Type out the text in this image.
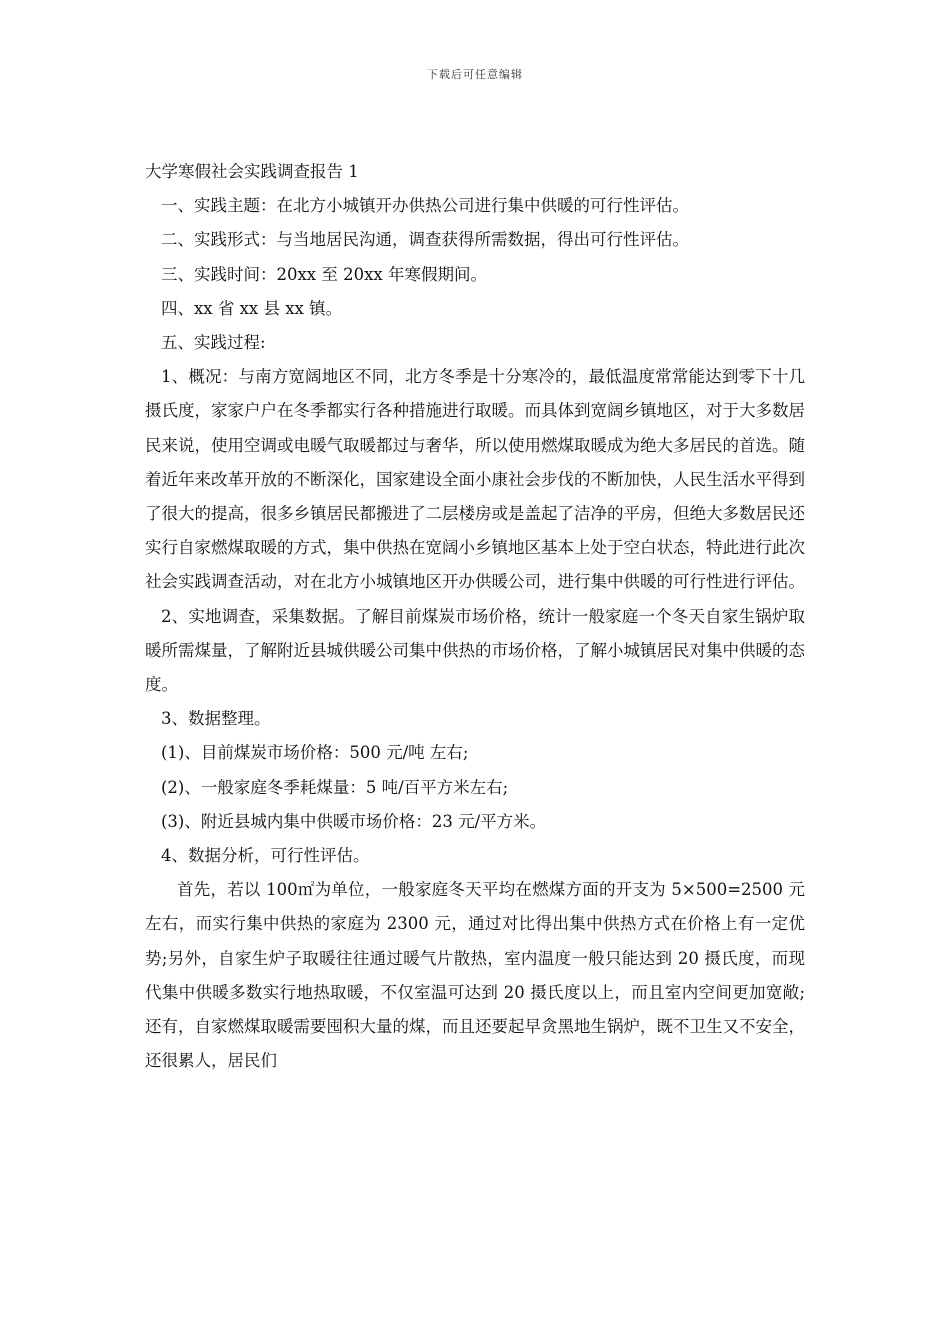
下载后可任意编辑

大学寒假社会实践调查报告 1

一、实践主题：在北方小城镇开办供热公司进行集中供暖的可行性评估。

二、实践形式：与当地居民沟通，调查获得所需数据，得出可行性评估。

三、实践时间：20xx 至 20xx 年寒假期间。

四、xx 省 xx 县 xx 镇。

五、实践过程:

1、概况：与南方宽阔地区不同，北方冬季是十分寒冷的，最低温度常常能达到零下十几摄氏度，家家户户在冬季都实行各种措施进行取暖。而具体到宽阔乡镇地区，对于大多数居民来说，使用空调或电暖气取暖都过与奢华，所以使用燃煤取暖成为绝大多居民的首选。随着近年来改革开放的不断深化，国家建设全面小康社会步伐的不断加快，人民生活水平得到了很大的提高，很多乡镇居民都搬进了二层楼房或是盖起了洁净的平房，但绝大多数居民还实行自家燃煤取暖的方式，集中供热在宽阔小乡镇地区基本上处于空白状态，特此进行此次社会实践调查活动，对在北方小城镇地区开办供暖公司，进行集中供暖的可行性进行评估。

2、实地调查，采集数据。了解目前煤炭市场价格，统计一般家庭一个冬天自家生锅炉取暖所需煤量，了解附近县城供暖公司集中供热的市场价格，了解小城镇居民对集中供暖的态度。

3、数据整理。

(1)、目前煤炭市场价格：500 元/吨 左右;

(2)、一般家庭冬季耗煤量：5 吨/百平方米左右;

(3)、附近县城内集中供暖市场价格：23 元/平方米。

4、数据分析，可行性评估。

首先，若以 100㎡为单位，一般家庭冬天平均在燃煤方面的开支为 5×500=2500 元左右，而实行集中供热的家庭为 2300 元，通过对比得出集中供热方式在价格上有一定优势;另外，自家生炉子取暖往往通过暖气片散热，室内温度一般只能达到 20 摄氏度，而现代集中供暖多数实行地热取暖，不仅室温可达到 20 摄氏度以上，而且室内空间更加宽敞;还有，自家燃煤取暖需要囤积大量的煤，而且还要起早贪黑地生锅炉，既不卫生又不安全，还很累人，居民们
